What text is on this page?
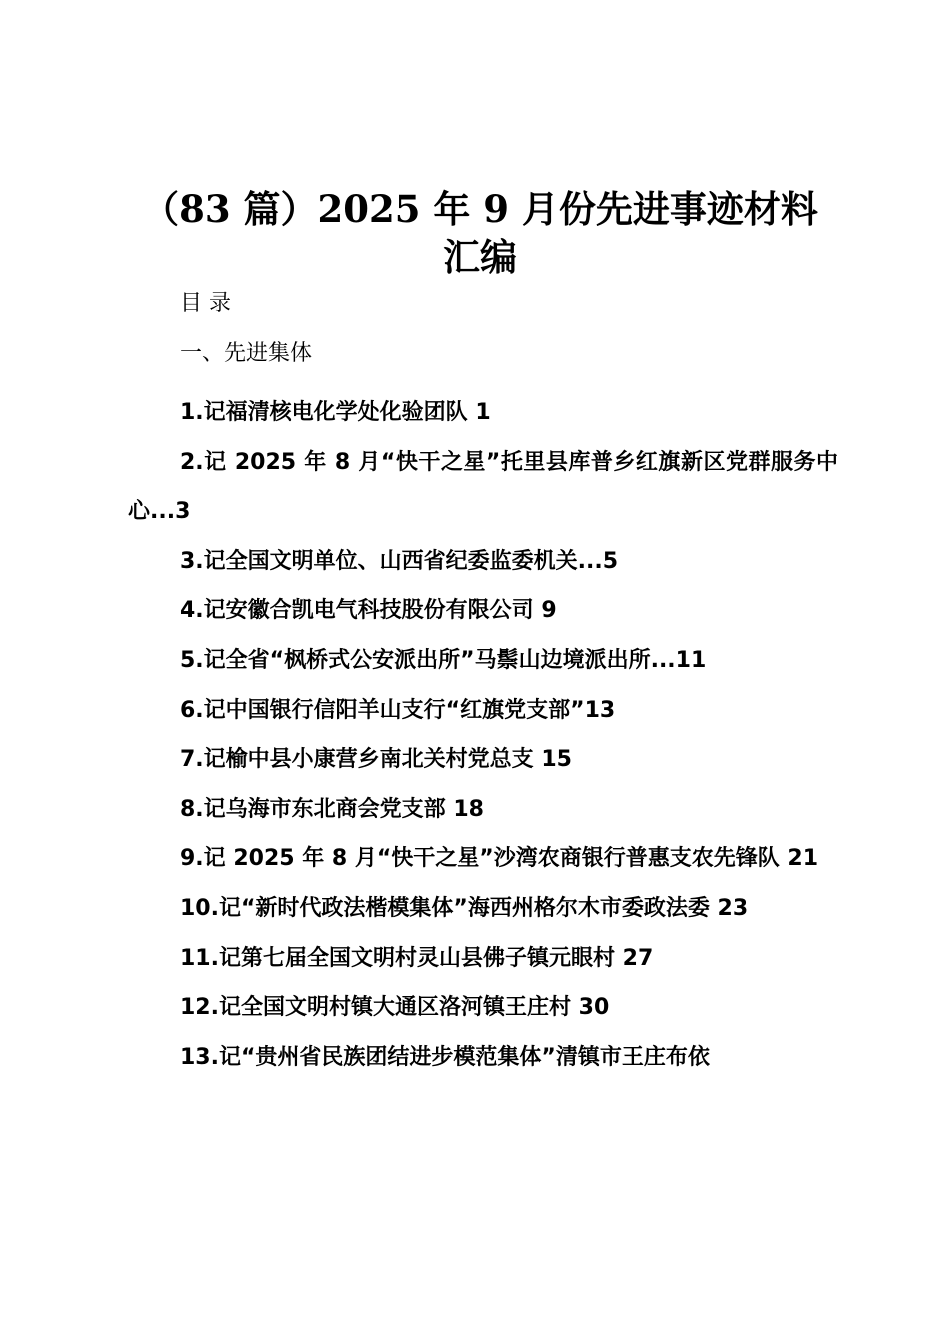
（83 篇）2025 年 9 月份先进事迹材料
汇编

目 录

一、先进集体

1.记福清核电化学处化验团队 1
2.记 2025 年 8 月“快干之星”托里县库普乡红旗新区党群服务中心...3
3.记全国文明单位、山西省纪委监委机关...5
4.记安徽合凯电气科技股份有限公司 9
5.记全省“枫桥式公安派出所”马鬃山边境派出所...11
6.记中国银行信阳羊山支行“红旗党支部”13
7.记榆中县小康营乡南北关村党总支 15
8.记乌海市东北商会党支部 18
9.记 2025 年 8 月“快干之星”沙湾农商银行普惠支农先锋队 21
10.记“新时代政法楷模集体”海西州格尔木市委政法委 23
11.记第七届全国文明村灵山县佛子镇元眼村 27
12.记全国文明村镇大通区洛河镇王庄村 30
13.记“贵州省民族团结进步模范集体”清镇市王庄布依
